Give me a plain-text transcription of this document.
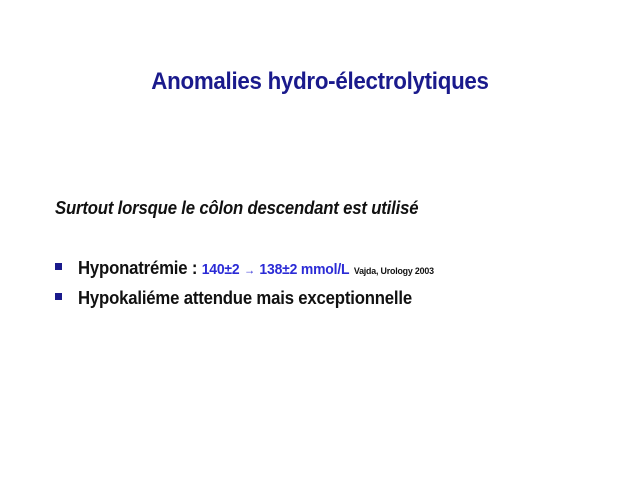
Anomalies hydro-électrolytiques
Surtout lorsque le côlon descendant est utilisé
Hyponatrémie : 140±2 → 138±2 mmol/L Vajda, Urology 2003
Hypokaliéme attendue mais exceptionnelle
